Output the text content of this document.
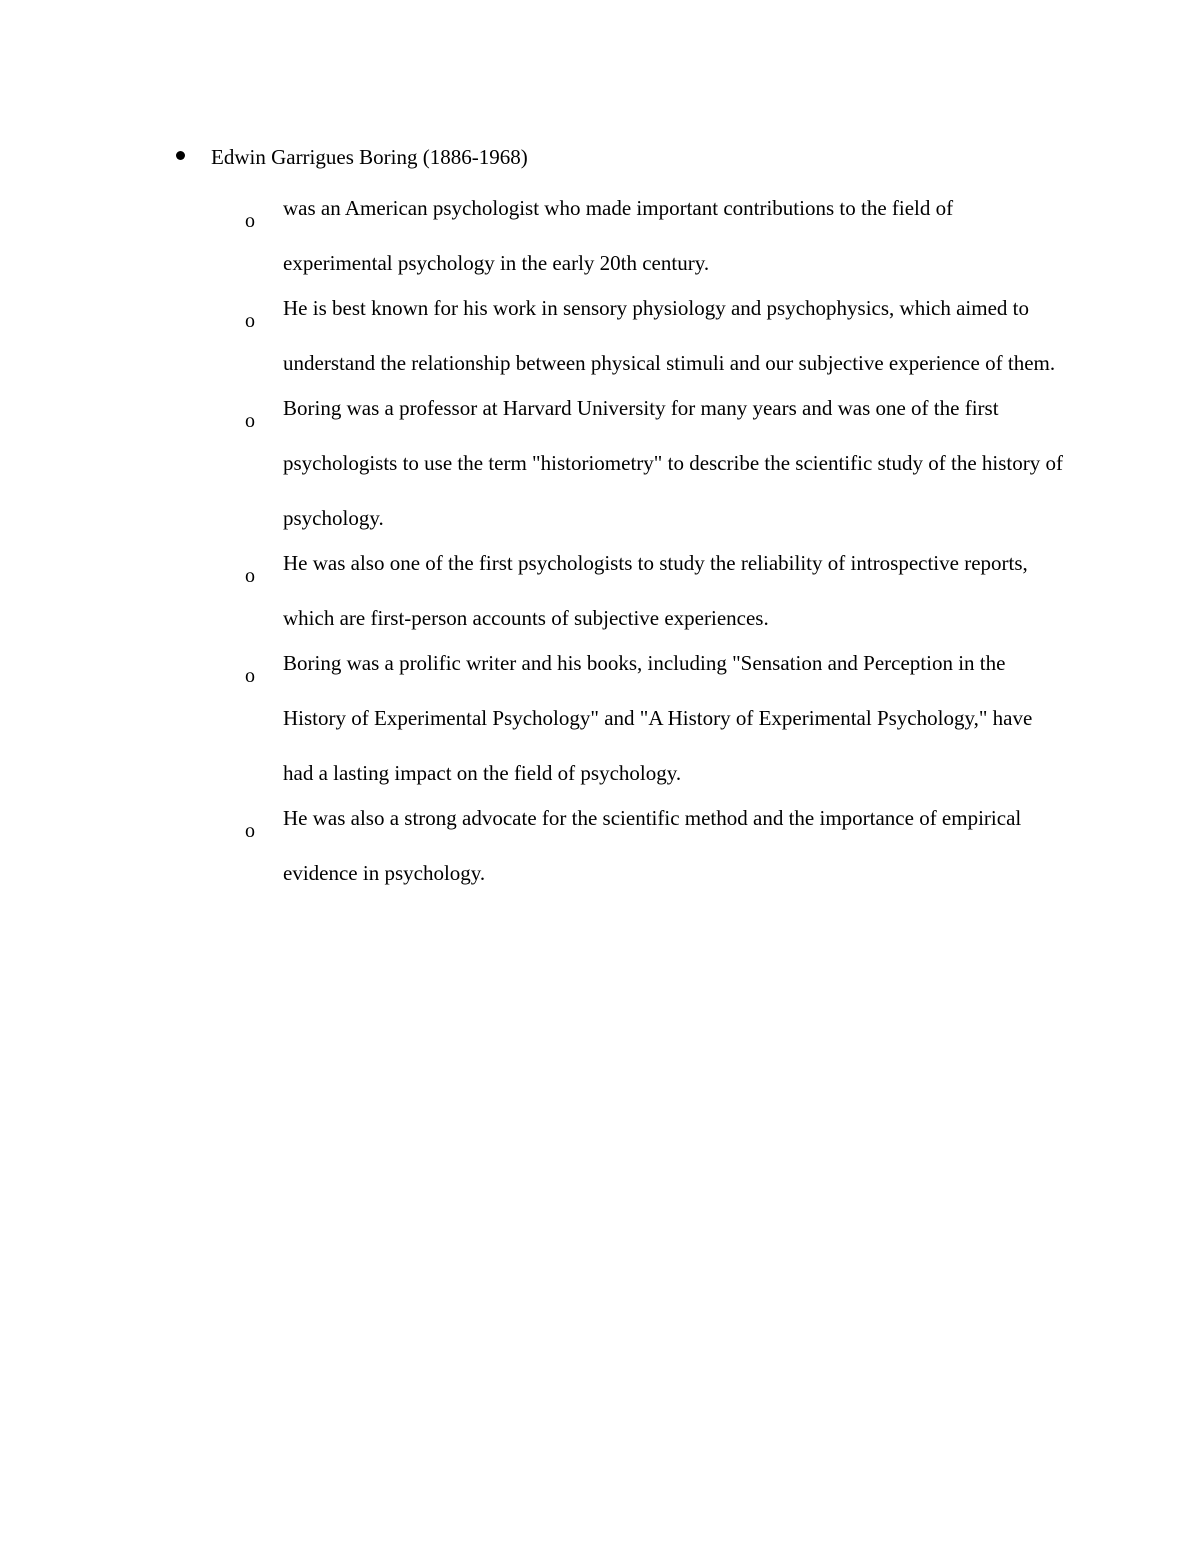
Edwin Garrigues Boring (1886-1968)
o
was an American psychologist who made important contributions to the field of experimental psychology in the early 20th century.
o
He is best known for his work in sensory physiology and psychophysics, which aimed to understand the relationship between physical stimuli and our subjective experience of them.
o
Boring was a professor at Harvard University for many years and was one of the first psychologists to use the term "historiometry" to describe the scientific study of the history of psychology.
o
He was also one of the first psychologists to study the reliability of introspective reports, which are first-person accounts of subjective experiences.
o
Boring was a prolific writer and his books, including "Sensation and Perception in the History of Experimental Psychology" and "A History of Experimental Psychology," have had a lasting impact on the field of psychology.
o
He was also a strong advocate for the scientific method and the importance of empirical evidence in psychology.
